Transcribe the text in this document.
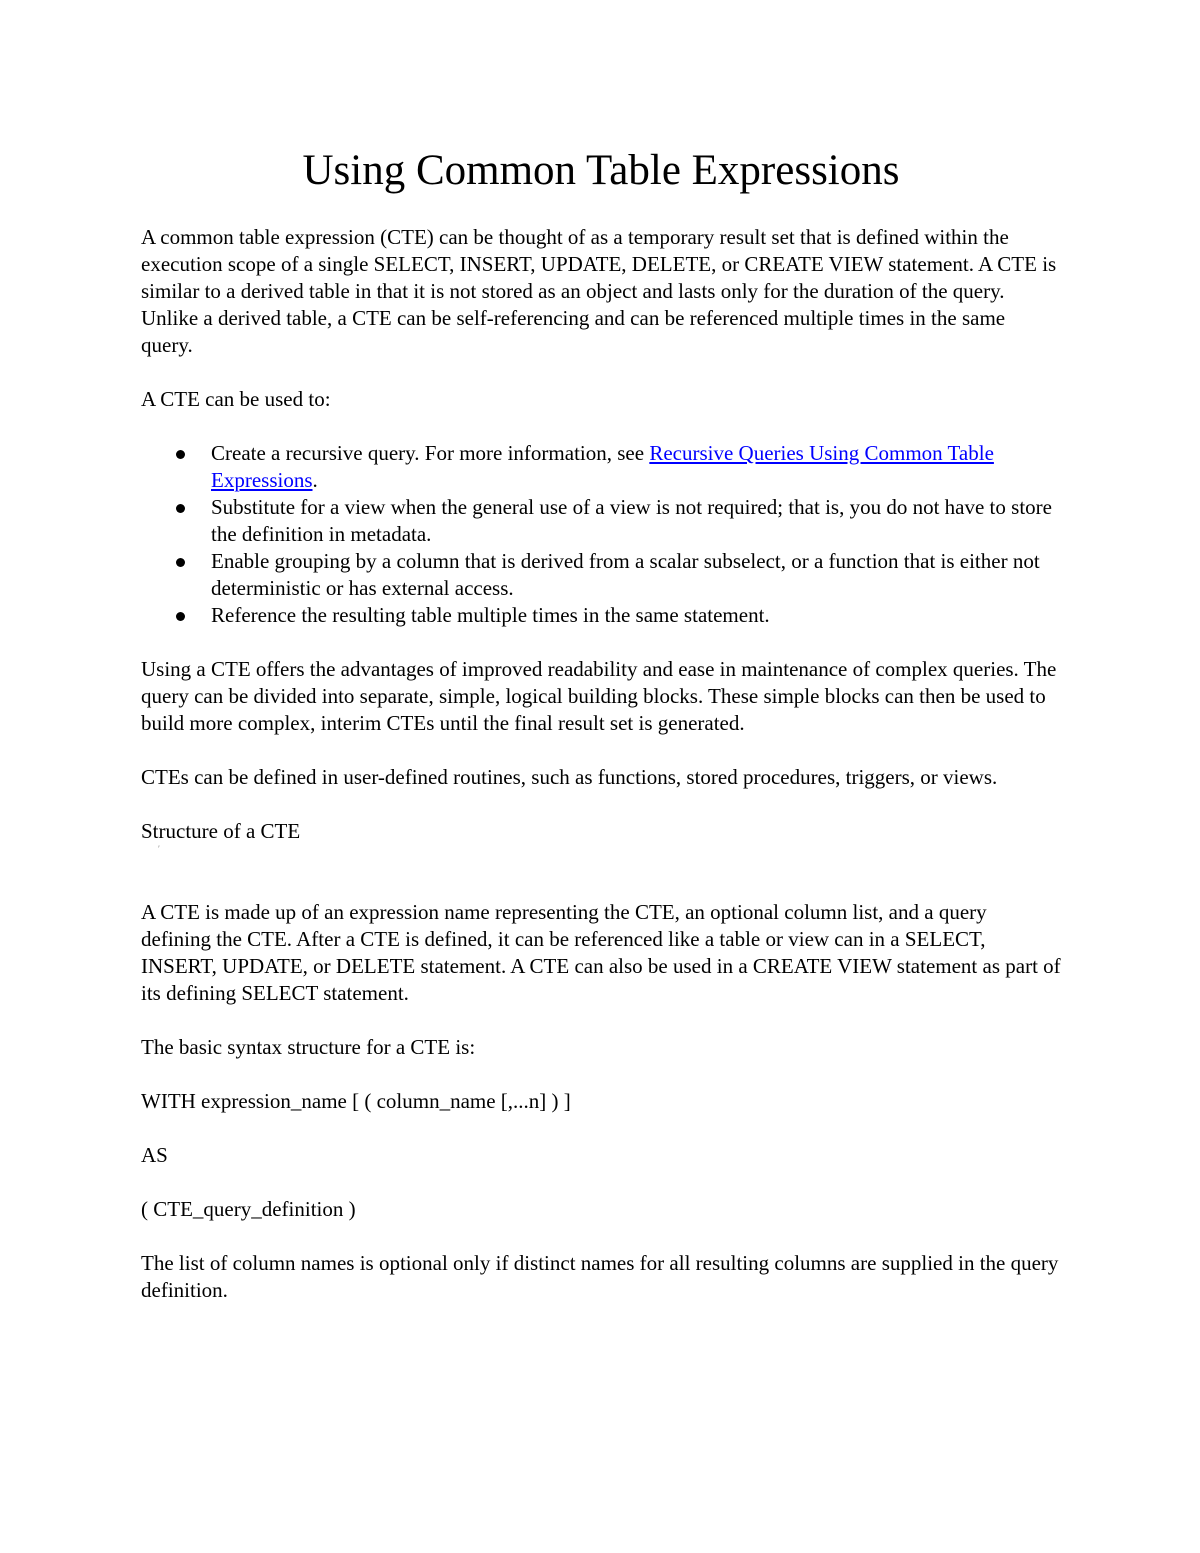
Using Common Table Expressions

A common table expression (CTE) can be thought of as a temporary result set that is defined within the execution scope of a single SELECT, INSERT, UPDATE, DELETE, or CREATE VIEW statement. A CTE is similar to a derived table in that it is not stored as an object and lasts only for the duration of the query. Unlike a derived table, a CTE can be self-referencing and can be referenced multiple times in the same query.

A CTE can be used to:

Create a recursive query. For more information, see Recursive Queries Using Common Table Expressions.
Substitute for a view when the general use of a view is not required; that is, you do not have to store the definition in metadata.
Enable grouping by a column that is derived from a scalar subselect, or a function that is either not deterministic or has external access.
Reference the resulting table multiple times in the same statement.

Using a CTE offers the advantages of improved readability and ease in maintenance of complex queries. The query can be divided into separate, simple, logical building blocks. These simple blocks can then be used to build more complex, interim CTEs until the final result set is generated.

CTEs can be defined in user-defined routines, such as functions, stored procedures, triggers, or views.

Structure of a CTE

′

A CTE is made up of an expression name representing the CTE, an optional column list, and a query defining the CTE. After a CTE is defined, it can be referenced like a table or view can in a SELECT, INSERT, UPDATE, or DELETE statement. A CTE can also be used in a CREATE VIEW statement as part of its defining SELECT statement.

The basic syntax structure for a CTE is:

WITH expression_name [ ( column_name [,...n] ) ]

AS

( CTE_query_definition )

The list of column names is optional only if distinct names for all resulting columns are supplied in the query definition.
